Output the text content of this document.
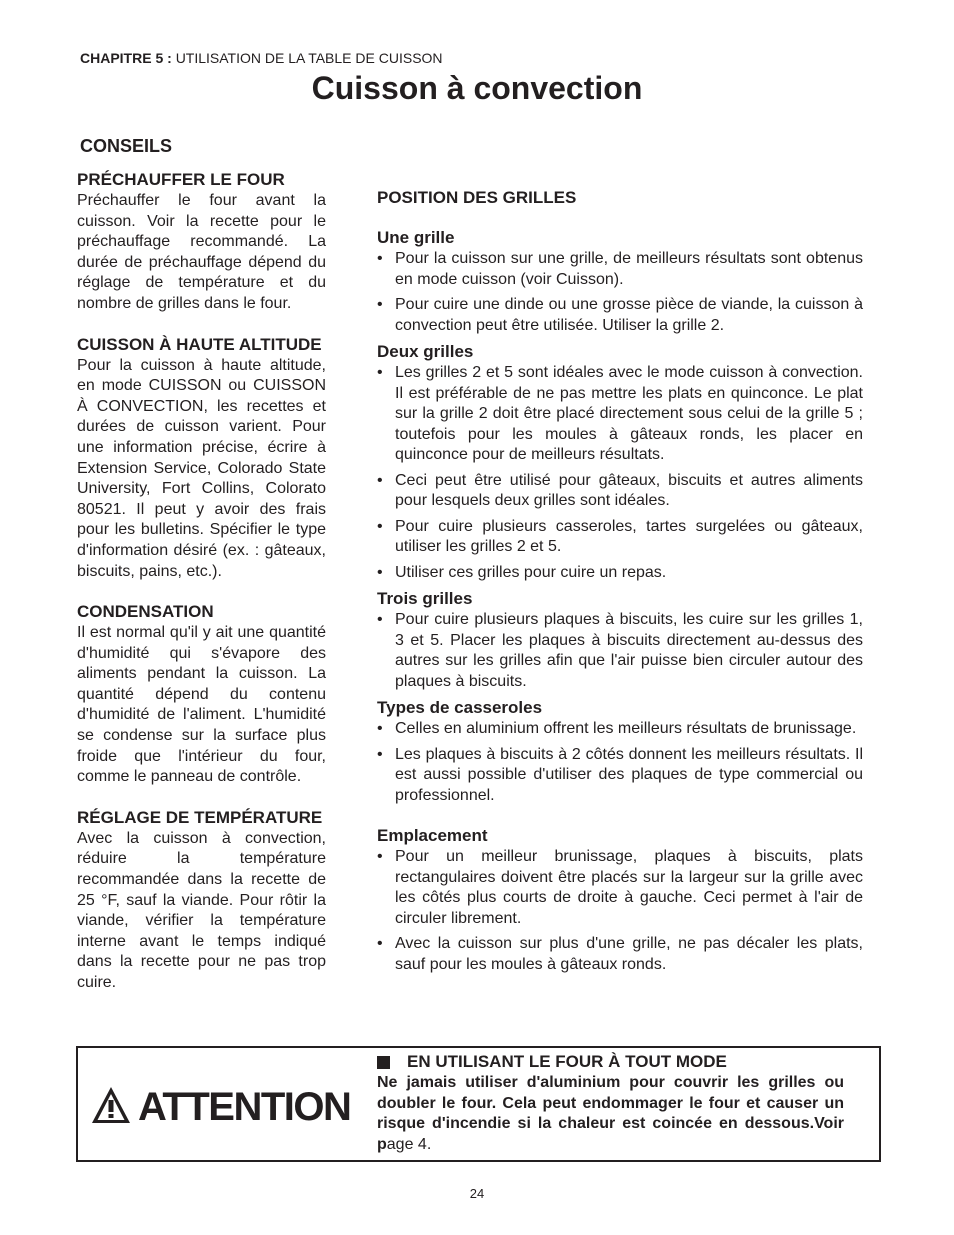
CHAPITRE 5 : UTILISATION DE LA TABLE DE CUISSON
Cuisson à convection
CONSEILS
PRÉCHAUFFER LE FOUR
Préchauffer le four avant la cuisson. Voir la recette pour le préchauffage recommandé. La durée de préchauffage dépend du réglage de température et du nombre de grilles dans le four.
CUISSON À HAUTE ALTITUDE
Pour la cuisson à haute altitude, en mode CUISSON ou CUISSON À CONVECTION, les recettes et durées de cuisson varient. Pour une information précise, écrire à Extension Service, Colorado State University, Fort Collins, Colorato 80521. Il peut y avoir des frais pour les bulletins. Spécifier le type d'information désiré (ex. : gâteaux, biscuits, pains, etc.).
CONDENSATION
Il est normal qu'il y ait une quantité d'humidité qui s'évapore des aliments pendant la cuisson. La quantité dépend du contenu d'humidité de l'aliment. L'humidité se condense sur la surface plus froide que l'intérieur du four, comme le panneau de contrôle.
RÉGLAGE DE TEMPÉRATURE
Avec la cuisson à convection, réduire la température recommandée dans la recette de 25 °F, sauf la viande. Pour rôtir la viande, vérifier la température interne avant le temps indiqué dans la recette pour ne pas trop cuire.
POSITION DES GRILLES
Une grille
• Pour la cuisson sur une grille, de meilleurs résultats sont obtenus en mode cuisson (voir Cuisson).
• Pour cuire une dinde ou une grosse pièce de viande, la cuisson à convection peut être utilisée. Utiliser la grille 2.
Deux grilles
• Les grilles 2 et 5 sont idéales avec le mode cuisson à convection. Il est préférable de ne pas mettre les plats en quinconce. Le plat sur la grille 2 doit être placé directement sous celui de la grille 5 ; toutefois pour les moules à gâteaux ronds, les placer en quinconce pour de meilleurs résultats.
• Ceci peut être utilisé pour gâteaux, biscuits et autres aliments pour lesquels deux grilles sont idéales.
• Pour cuire plusieurs casseroles, tartes surgelées ou gâteaux, utiliser les grilles 2 et 5.
• Utiliser ces grilles pour cuire un repas.
Trois grilles
• Pour cuire plusieurs plaques à biscuits, les cuire sur les grilles 1, 3 et 5. Placer les plaques à biscuits directement au-dessus des autres sur les grilles afin que l'air puisse bien circuler autour des plaques à biscuits.
Types de casseroles
• Celles en aluminium offrent les meilleurs résultats de brunissage.
• Les plaques à biscuits à 2 côtés donnent les meilleurs résultats. Il est aussi possible d'utiliser des plaques de type commercial ou professionnel.
Emplacement
• Pour un meilleur brunissage, plaques à biscuits, plats rectangulaires doivent être placés sur la largeur sur la grille avec les côtés plus courts de droite à gauche. Ceci permet à l'air de circuler librement.
• Avec la cuisson sur plus d'une grille, ne pas décaler les plats, sauf pour les moules à gâteaux ronds.
ATTENTION
EN UTILISANT LE FOUR À TOUT MODE
Ne jamais utiliser d'aluminium pour couvrir les grilles ou doubler le four. Cela peut endommager le four et causer un risque d'incendie si la chaleur est coincée en dessous.Voir page 4.
24
